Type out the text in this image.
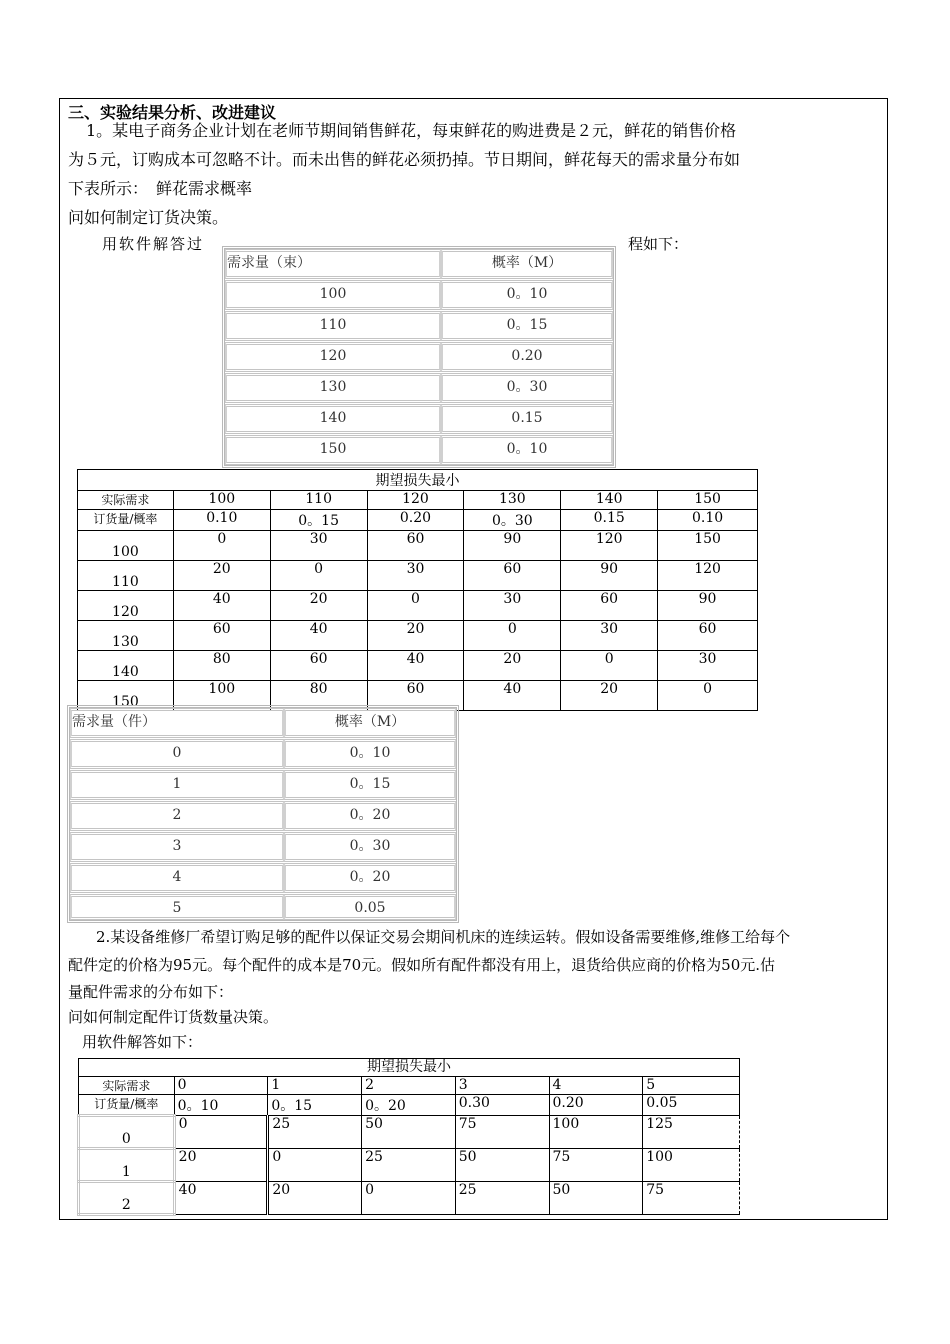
三、实验结果分析、改进建议
1。某电子商务企业计划在老师节期间销售鲜花，每束鲜花的购进费是２元，鲜花的销售价格
为５元，订购成本可忽略不计。而未出售的鲜花必须扔掉。节日期间，鲜花每天的需求量分布如
下表所示：　鲜花需求概率
问如何制定订货决策。
用软件解答过	程如下：
需求量（束）	概率（M）
100	0。10
110	0。15
120	0.20
130	0。30
140	0.15
150	0。10
期望损失最小						
实际需求	100	110	120	130	140	150
订货量/概率	0.10	0。15	0.20	0。30	0.15	0.10
100	0	30	60	90	120	150
110	20	0	30	60	90	120
120	40	20	0	30	60	90
130	60	40	20	0	30	60
140	80	60	40	20	0	30
150	100	80	60	40	20	0
需求量（件）	概率（M）
0	0。10
1	0。15
2	0。20
3	0。30
4	0。20
5	0.05
2.某设备维修厂希望订购足够的配件以保证交易会期间机床的连续运转。假如设备需要维修,维修工给每个
配件定的价格为95元。每个配件的成本是70元。假如所有配件都没有用上，退货给供应商的价格为50元.估
量配件需求的分布如下：
问如何制定配件订货数量决策。
用软件解答如下：
期望损失最小						
实际需求	0	1	2	3	4	5
订货量/概率	0。10	0。15	0。20	0.30	0.20	0.05
0	0	25	50	75	100	125
1	20	0	25	50	75	100
2	40	20	0	25	50	75
